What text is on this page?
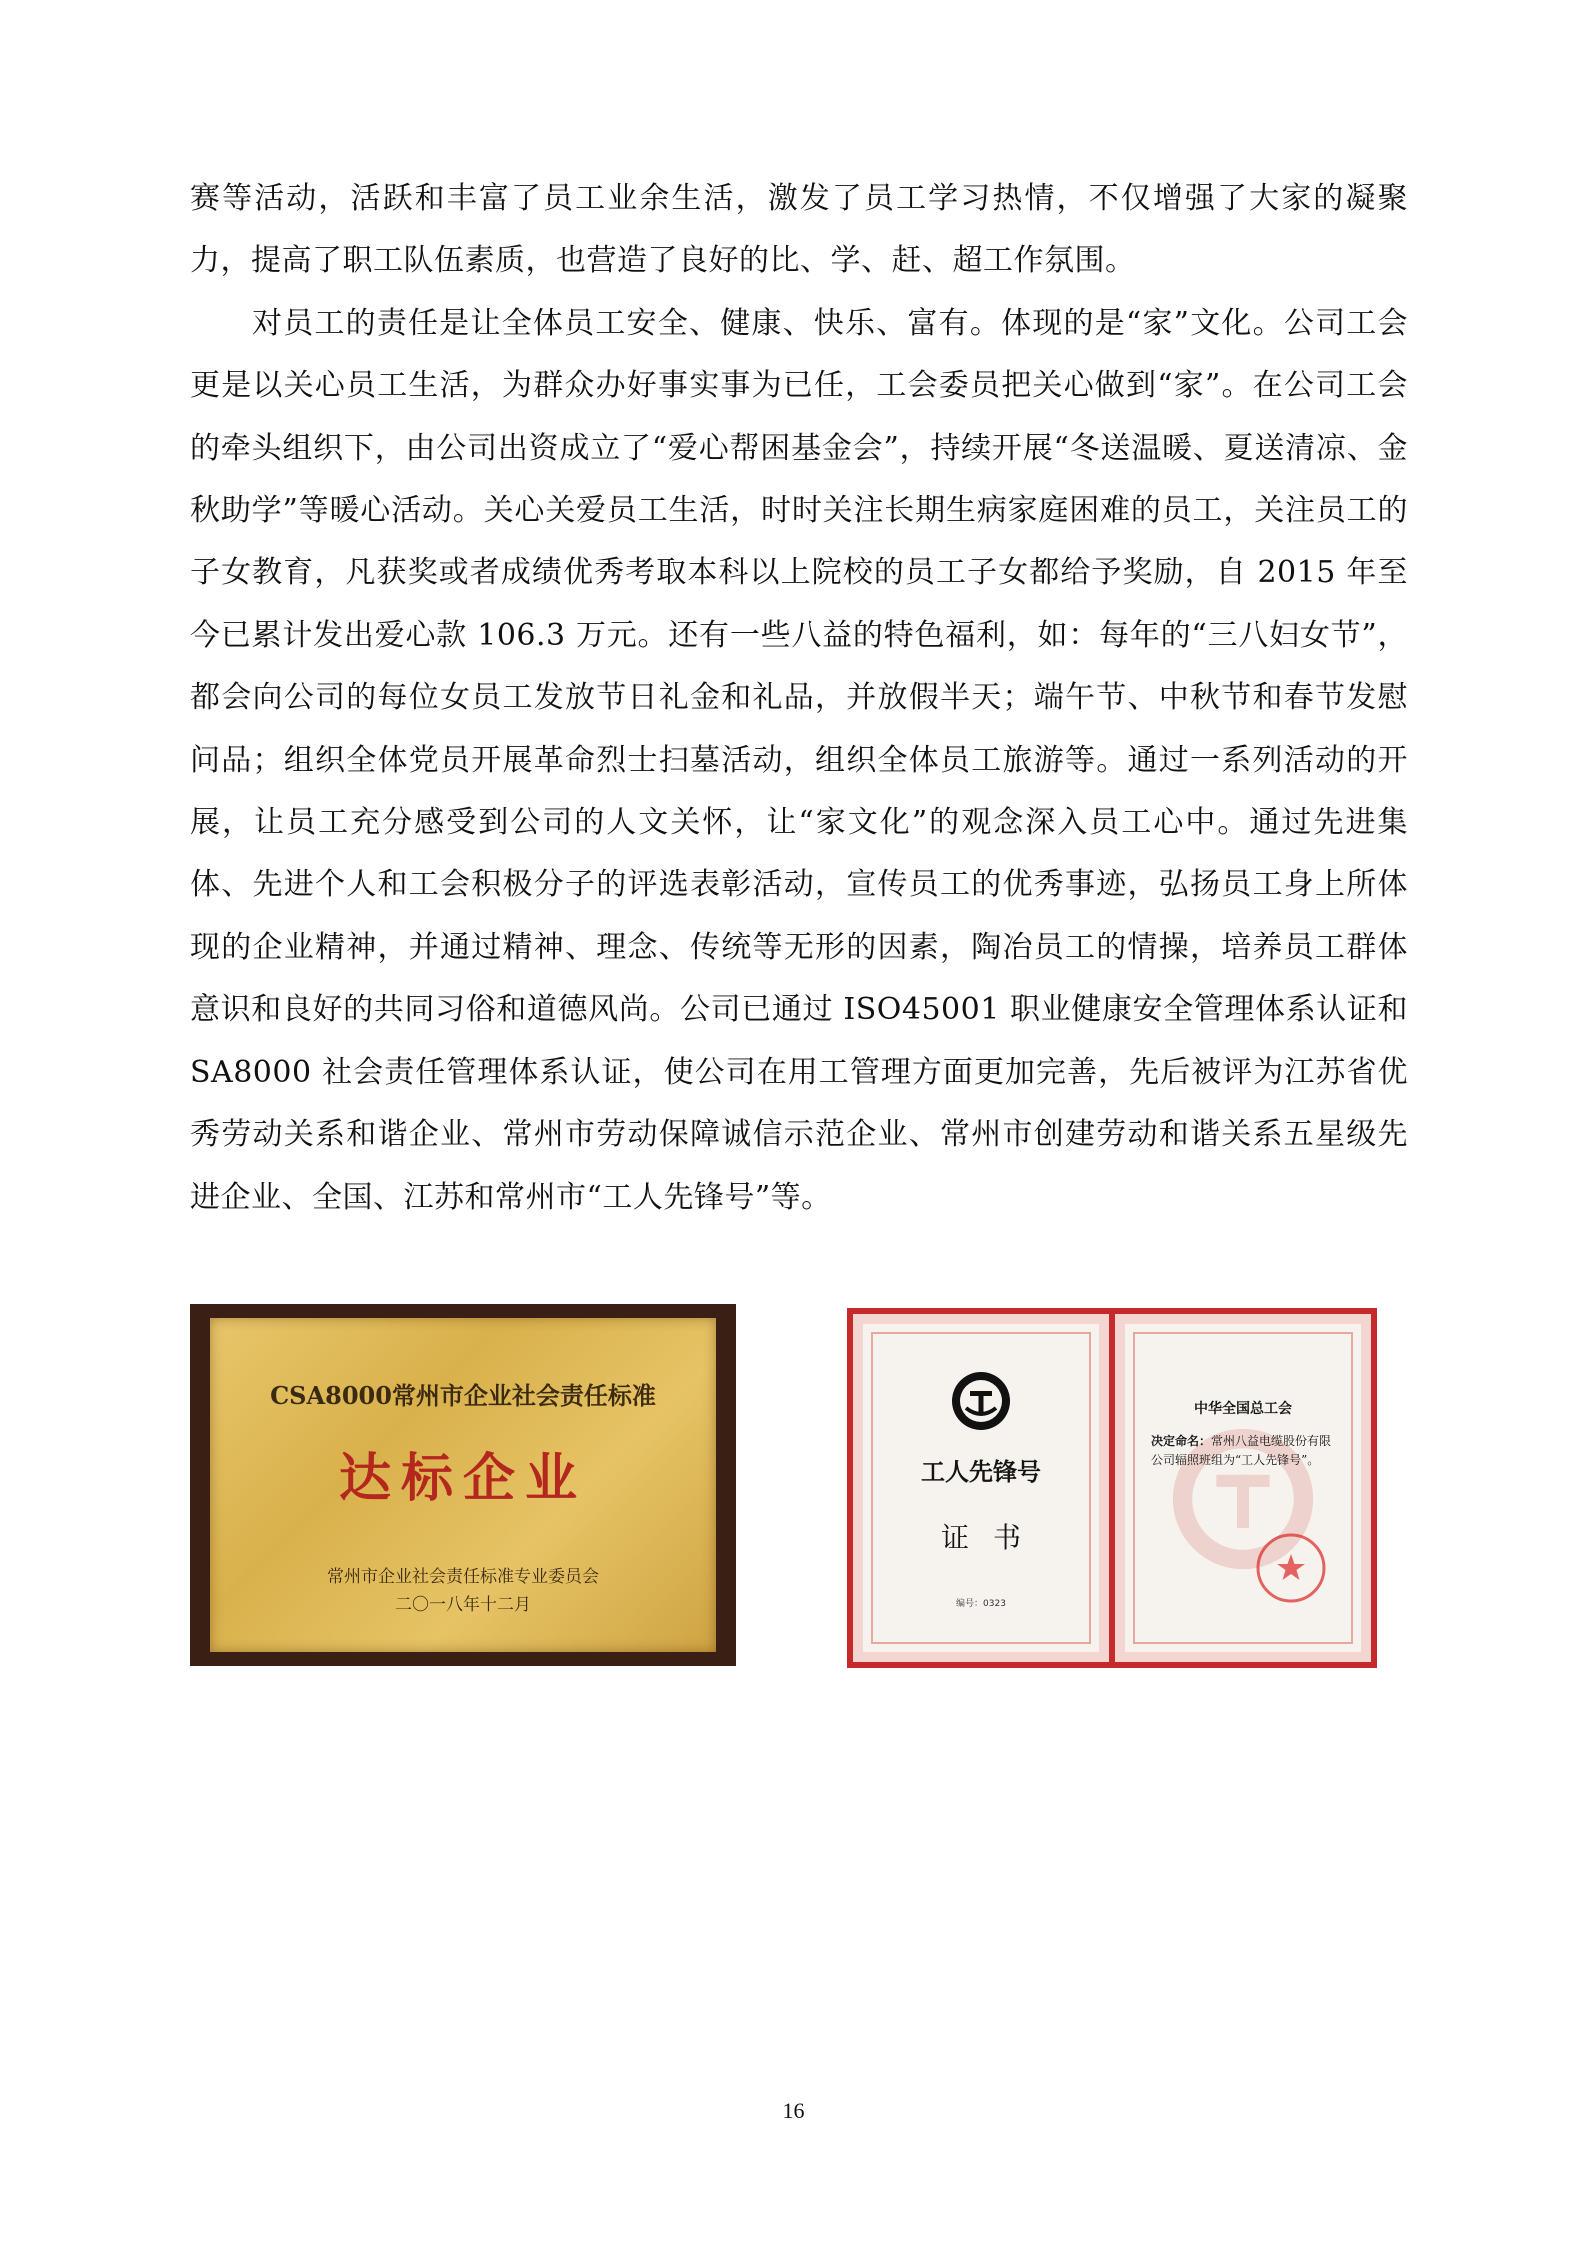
赛等活动，活跃和丰富了员工业余生活，激发了员工学习热情，不仅增强了大家的凝聚力，提高了职工队伍素质，也营造了良好的比、学、赶、超工作氛围。

对员工的责任是让全体员工安全、健康、快乐、富有。体现的是“家”文化。公司工会更是以关心员工生活，为群众办好事实事为已任，工会委员把关心做到“家”。在公司工会的牵头组织下，由公司出资成立了“爱心帮困基金会”，持续开展“冬送温暖、夏送清凉、金秋助学”等暖心活动。关心关爱员工生活，时时关注长期生病家庭困难的员工，关注员工的子女教育，凡获奖或者成绩优秀考取本科以上院校的员工子女都给予奖励，自 2015 年至今已累计发出爱心款 106.3 万元。还有一些八益的特色福利，如：每年的“三八妇女节”，都会向公司的每位女员工发放节日礼金和礼品，并放假半天；端午节、中秋节和春节发慰问品；组织全体党员开展革命烈士扫墓活动，组织全体员工旅游等。通过一系列活动的开展，让员工充分感受到公司的人文关怀，让“家文化”的观念深入员工心中。通过先进集体、先进个人和工会积极分子的评选表彰活动，宣传员工的优秀事迹，弘扬员工身上所体现的企业精神，并通过精神、理念、传统等无形的因素，陶冶员工的情操，培养员工群体意识和良好的共同习俗和道德风尚。公司已通过 ISO45001 职业健康安全管理体系认证和 SA8000 社会责任管理体系认证，使公司在用工管理方面更加完善，先后被评为江苏省优秀劳动关系和谐企业、常州市劳动保障诚信示范企业、常州市创建劳动和谐关系五星级先进企业、全国、江苏和常州市“工人先锋号”等。

CSA8000常州市企业社会责任标准
达标企业
常州市企业社会责任标准专业委员会
二〇一八年十二月
工人先锋号
证书
编号：0323
中华全国总工会
决定命名：常州八益电缆股份有限公司辐照班组为“工人先锋号”。
16
